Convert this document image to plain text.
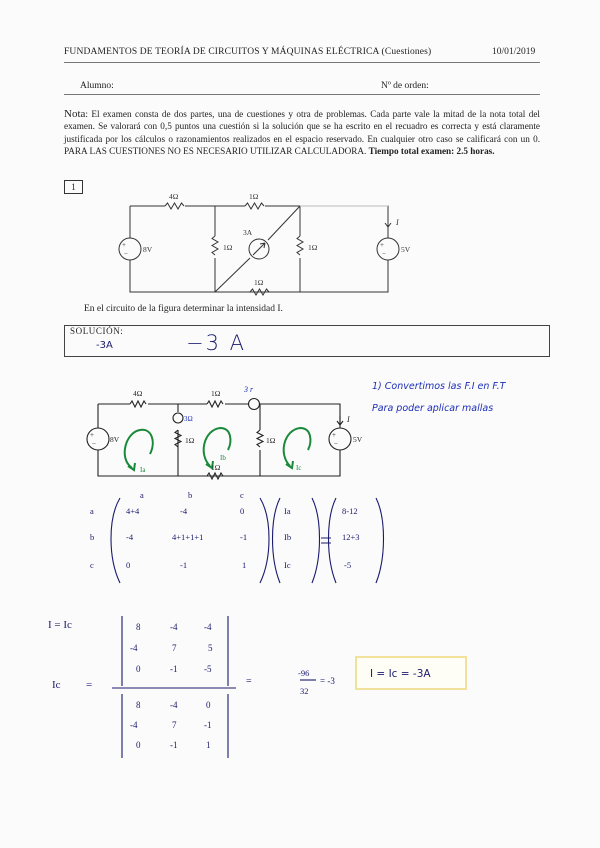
FUNDAMENTOS DE TEORÍA DE CIRCUITOS Y MÁQUINAS ELÉCTRICA (Cuestiones)	10/01/2019
Alumno:	Nº de orden:
Nota: El examen consta de dos partes, una de cuestiones y otra de problemas. Cada parte vale la mitad de la nota total del examen. Se valorará con 0,5 puntos una cuestión si la solución que se ha escrito en el recuadro es correcta y está claramente justificada por los cálculos o razonamientos realizados en el espacio reservado. En cualquier otro caso se calificará con un 0. PARA LAS CUESTIONES NO ES NECESARIO UTILIZAR CALCULADORA. Tiempo total examen: 2.5 horas.
1
+
−
+
−
4Ω	1Ω
1Ω
3A
1Ω
1Ω
8V	5V
I
En el circuito de la figura determinar la intensidad I.
SOLUCIÓN:
-3A	−3 A
1) Convertimos las F.I en F.T
Para poder aplicar mallas
+
−
+
−
4Ω	1Ω	3 r
3Ω
1Ω	1Ω
1Ω
8V	5V
I
Ia
Ib
Ic
a	b	c
a
b
c
4+4	-4	0
-4	4+1+1+1	-1
0	-1	1
Ia
Ib
Ic
8-12
12+3
-5
I = Ic
Ic =
8	-4	-4
-4	7	5
0	-1	-5
8	-4	0
-4	7	-1
0	-1	1
=
-96
32
= -3
I = Ic = -3A
